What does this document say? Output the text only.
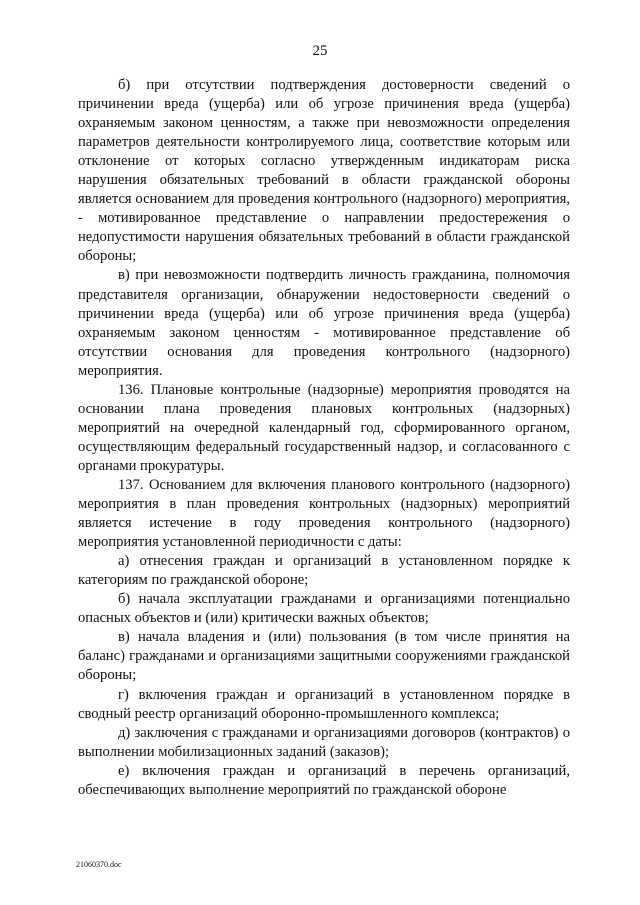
25

б) при отсутствии подтверждения достоверности сведений о причинении вреда (ущерба) или об угрозе причинения вреда (ущерба) охраняемым законом ценностям, а также при невозможности определения параметров деятельности контролируемого лица, соответствие которым или отклонение от которых согласно утвержденным индикаторам риска нарушения обязательных требований в области гражданской обороны является основанием для проведения контрольного (надзорного) мероприятия, - мотивированное представление о направлении предостережения о недопустимости нарушения обязательных требований в области гражданской обороны;

в) при невозможности подтвердить личность гражданина, полномочия представителя организации, обнаружении недостоверности сведений о причинении вреда (ущерба) или об угрозе причинения вреда (ущерба) охраняемым законом ценностям - мотивированное представление об отсутствии основания для проведения контрольного (надзорного) мероприятия.

136. Плановые контрольные (надзорные) мероприятия проводятся на основании плана проведения плановых контрольных (надзорных) мероприятий на очередной календарный год, сформированного органом, осуществляющим федеральный государственный надзор, и согласованного с органами прокуратуры.

137. Основанием для включения планового контрольного (надзорного) мероприятия в план проведения контрольных (надзорных) мероприятий является истечение в году проведения контрольного (надзорного) мероприятия установленной периодичности с даты:

а) отнесения граждан и организаций в установленном порядке к категориям по гражданской обороне;

б) начала эксплуатации гражданами и организациями потенциально опасных объектов и (или) критически важных объектов;

в) начала владения и (или) пользования (в том числе принятия на баланс) гражданами и организациями защитными сооружениями гражданской обороны;

г) включения граждан и организаций в установленном порядке в сводный реестр организаций оборонно-промышленного комплекса;

д) заключения с гражданами и организациями договоров (контрактов) о выполнении мобилизационных заданий (заказов);

е) включения граждан и организаций в перечень организаций, обеспечивающих выполнение мероприятий по гражданской обороне

21060370.doc
